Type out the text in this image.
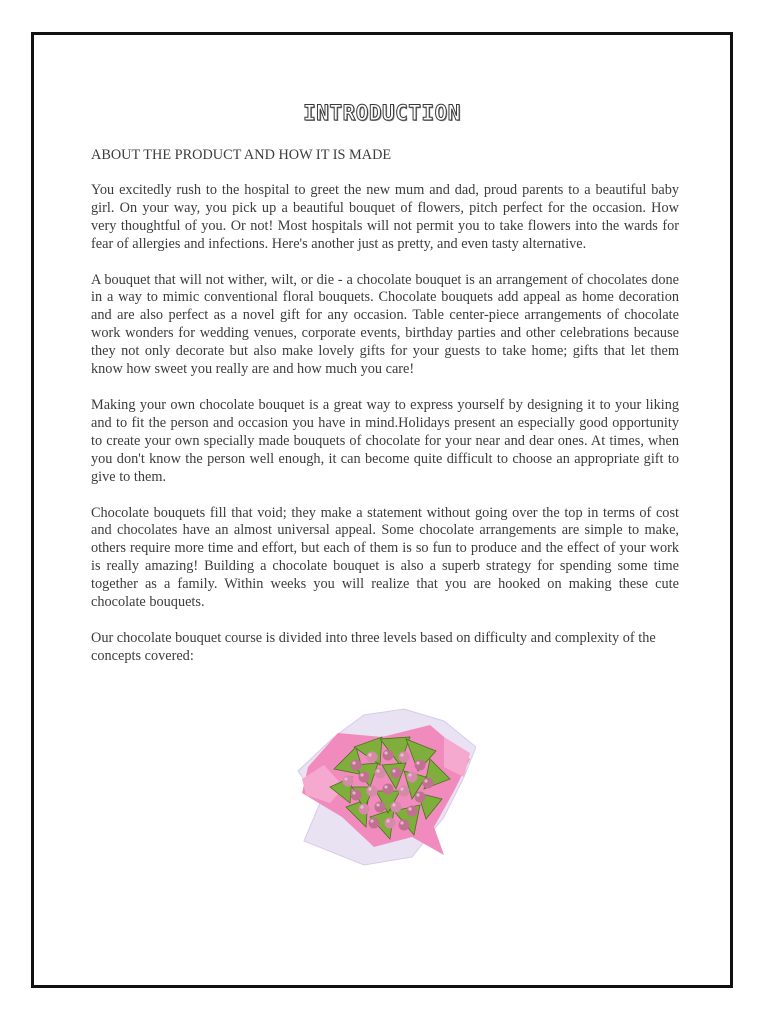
INTRODUCTION

ABOUT THE PRODUCT AND HOW IT IS MADE

You excitedly rush to the hospital to greet the new mum and dad, proud parents to a beautiful baby girl. On your way, you pick up a beautiful bouquet of flowers, pitch perfect for the occasion. How very thoughtful of you. Or not! Most hospitals will not permit you to take flowers into the wards for fear of allergies and infections. Here's another just as pretty, and even tasty alternative.

A bouquet that will not wither, wilt, or die - a chocolate bouquet is an arrangement of chocolates done in a way to mimic conventional floral bouquets. Chocolate bouquets add appeal as home decoration and are also perfect as a novel gift for any occasion. Table center-piece arrangements of chocolate work wonders for wedding venues, corporate events, birthday parties and other celebrations because they not only decorate but also make lovely gifts for your guests to take home; gifts that let them know how sweet you really are and how much you care!

Making your own chocolate bouquet is a great way to express yourself by designing it to your liking and to fit the person and occasion you have in mind.Holidays present an especially good opportunity to create your own specially made bouquets of chocolate for your near and dear ones. At times, when you don't know the person well enough, it can become quite difficult to choose an appropriate gift to give to them.

Chocolate bouquets fill that void; they make a statement without going over the top in terms of cost and chocolates have an almost universal appeal. Some chocolate arrangements are simple to make, others require more time and effort, but each of them is so fun to produce and the effect of your work is really amazing! Building a chocolate bouquet is also a superb strategy for spending some time together as a family. Within weeks you will realize that you are hooked on making these cute chocolate bouquets.

Our chocolate bouquet course is divided into three levels based on difficulty and complexity of the concepts covered:
